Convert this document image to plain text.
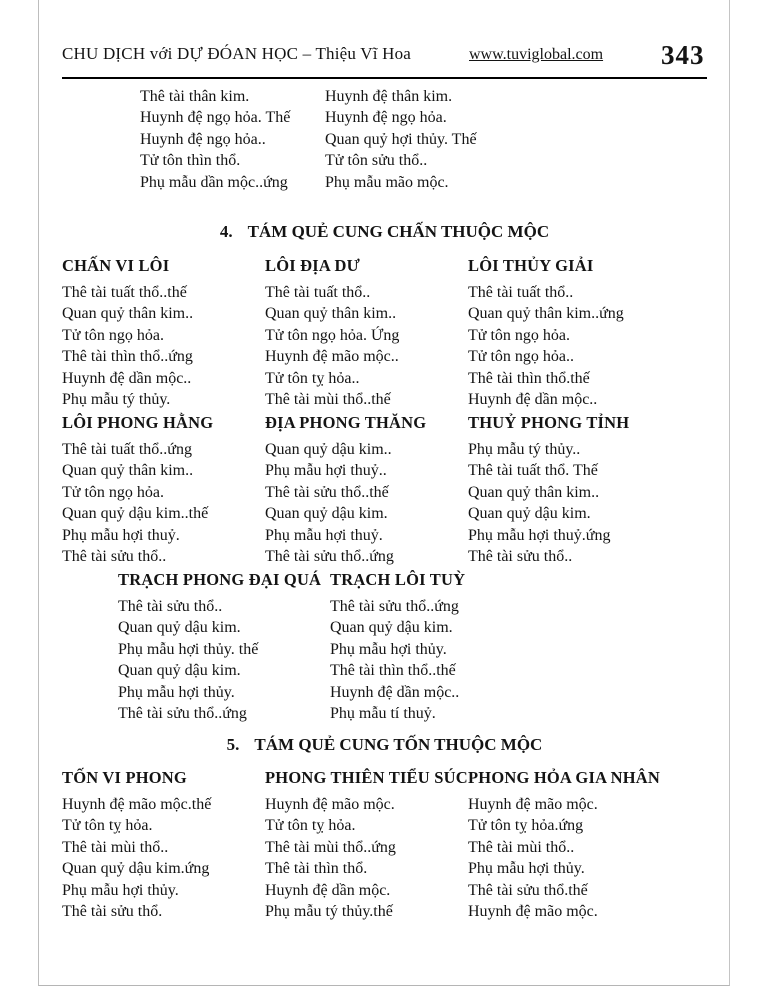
CHU DỊCH với DỰ ĐÓAN HỌC – Thiệu Vĩ Hoa	www.tuviglobal.com 343
Thê tài thân kim.
Huynh đệ ngọ hỏa. Thế
Huynh đệ ngọ hỏa..
Tử tôn thìn thổ.
Phụ mẫu dần mộc..ứng
Huynh đệ thân kim.
Huynh đệ ngọ hỏa.
Quan quỷ hợi thủy. Thế
Tử tôn sửu thổ..
Phụ mẫu mão mộc.
4. TÁM QUẺ CUNG CHẤN THUỘC MỘC
CHẤN VI LÔI
Thê tài tuất thổ..thế
Quan quỷ thân kim..
Tử tôn ngọ hỏa.
Thê tài thìn thổ..ứng
Huynh đệ dần mộc..
Phụ mẫu tý thủy.
LÔI ĐỊA DƯ
Thê tài tuất thổ..
Quan quỷ thân kim..
Tử tôn ngọ hỏa. Ứng
Huynh đệ mão mộc..
Tử tôn tỵ hỏa..
Thê tài mùi thổ..thế
LÔI THỦY GIẢI
Thê tài tuất thổ..
Quan quỷ thân kim..ứng
Tử tôn ngọ hỏa.
Tử tôn ngọ hỏa..
Thê tài thìn thổ.thế
Huynh đệ dần mộc..
LÔI PHONG HẰNG
Thê tài tuất thổ..ứng
Quan quỷ thân kim..
Tử tôn ngọ hỏa.
Quan quỷ dậu kim..thế
Phụ mẫu hợi thuỷ.
Thê tài sửu thổ..
ĐỊA PHONG THĂNG
Quan quỷ dậu kim..
Phụ mẫu hợi thuỷ..
Thê tài sửu thổ..thế
Quan quỷ dậu kim.
Phụ mẫu hợi thuỷ.
Thê tài sửu thổ..ứng
THUỶ PHONG TỈNH
Phụ mẫu tý thủy..
Thê tài tuất thổ. Thế
Quan quỷ thân kim..
Quan quỷ dậu kim.
Phụ mẫu hợi thuỷ.ứng
Thê tài sửu thổ..
TRẠCH PHONG ĐẠI QUÁ
Thê tài sửu thổ..
Quan quỷ dậu kim.
Phụ mẫu hợi thủy. thế
Quan quỷ dậu kim.
Phụ mẫu hợi thủy.
Thê tài sửu thổ..ứng
TRẠCH LÔI TUỲ
Thê tài sửu thổ..ứng
Quan quỷ dậu kim.
Phụ mẫu hợi thủy.
Thê tài thìn thổ..thế
Huynh đệ dần mộc..
Phụ mẫu tí thuỷ.
5. TÁM QUẺ CUNG TỐN THUỘC MỘC
TỐN VI PHONG
Huynh đệ mão mộc.thế
Tử tôn tỵ hỏa.
Thê tài mùi thổ..
Quan quỷ dậu kim.ứng
Phụ mẫu hợi thủy.
Thê tài sửu thổ.
PHONG THIÊN TIỂU SÚC
Huynh đệ mão mộc.
Tử tôn tỵ hỏa.
Thê tài mùi thổ..ứng
Thê tài thìn thổ.
Huynh đệ dần mộc.
Phụ mẫu tý thủy.thế
PHONG HỎA GIA NHÂN
Huynh đệ mão mộc.
Tử tôn tỵ hỏa.ứng
Thê tài mùi thổ..
Phụ mẫu hợi thủy.
Thê tài sửu thổ.thế
Huynh đệ mão mộc.
